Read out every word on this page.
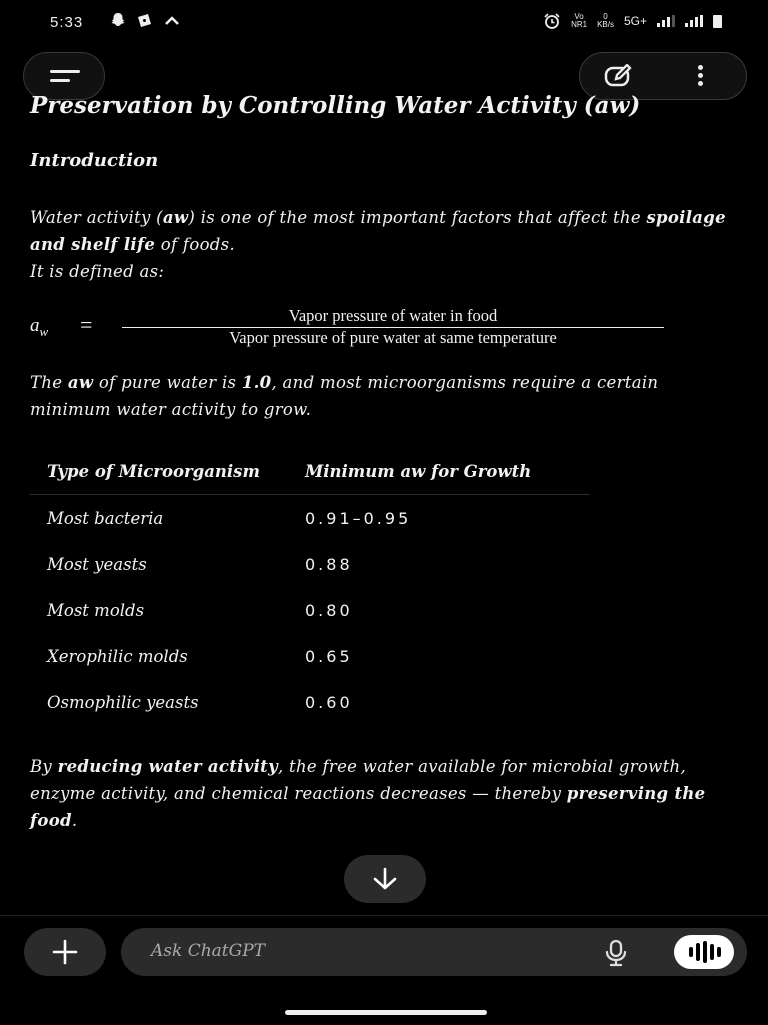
5:33	Vo
NR1
0
KB/s 5G+
Preservation by Controlling Water Activity (aw)
Introduction
Water activity (aw) is one of the most important factors that affect the spoilage and shelf life of foods.
It is defined as:
$a_w$ =	Vapor pressure of water in food
Vapor pressure of pure water at same temperature
The aw of pure water is 1.0, and most microorganisms require a certain minimum water activity to grow.
Type of Microorganism	Minimum aw for Growth
Most bacteria	0.91–0.95
Most yeasts	0.88
Most molds	0.80
Xerophilic molds	0.65
Osmophilic yeasts	0.60
By reducing water activity, the free water available for microbial growth, enzyme activity, and chemical reactions decreases — thereby preserving the food.
Ask ChatGPT
